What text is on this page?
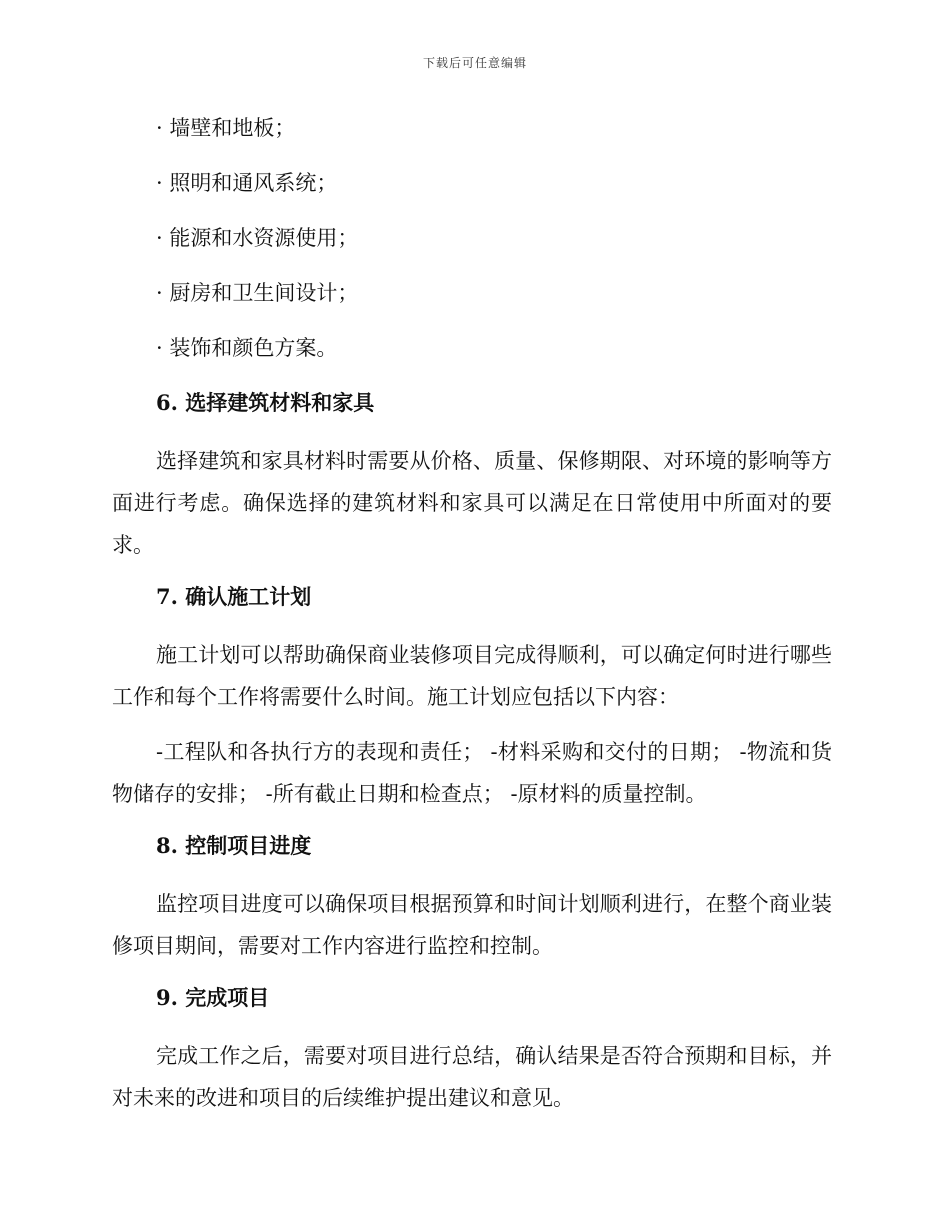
下载后可任意编辑
· 墙壁和地板；
· 照明和通风系统；
· 能源和水资源使用；
· 厨房和卫生间设计；
· 装饰和颜色方案。
6. 选择建筑材料和家具

选择建筑和家具材料时需要从价格、质量、保修期限、对环境的影响等方面进行考虑。确保选择的建筑材料和家具可以满足在日常使用中所面对的要求。

7. 确认施工计划

施工计划可以帮助确保商业装修项目完成得顺利，可以确定何时进行哪些工作和每个工作将需要什么时间。施工计划应包括以下内容：

-工程队和各执行方的表现和责任； -材料采购和交付的日期； -物流和货物储存的安排； -所有截止日期和检查点； -原材料的质量控制。

8. 控制项目进度

监控项目进度可以确保项目根据预算和时间计划顺利进行，在整个商业装修项目期间，需要对工作内容进行监控和控制。

9. 完成项目

完成工作之后，需要对项目进行总结，确认结果是否符合预期和目标，并对未来的改进和项目的后续维护提出建议和意见。
